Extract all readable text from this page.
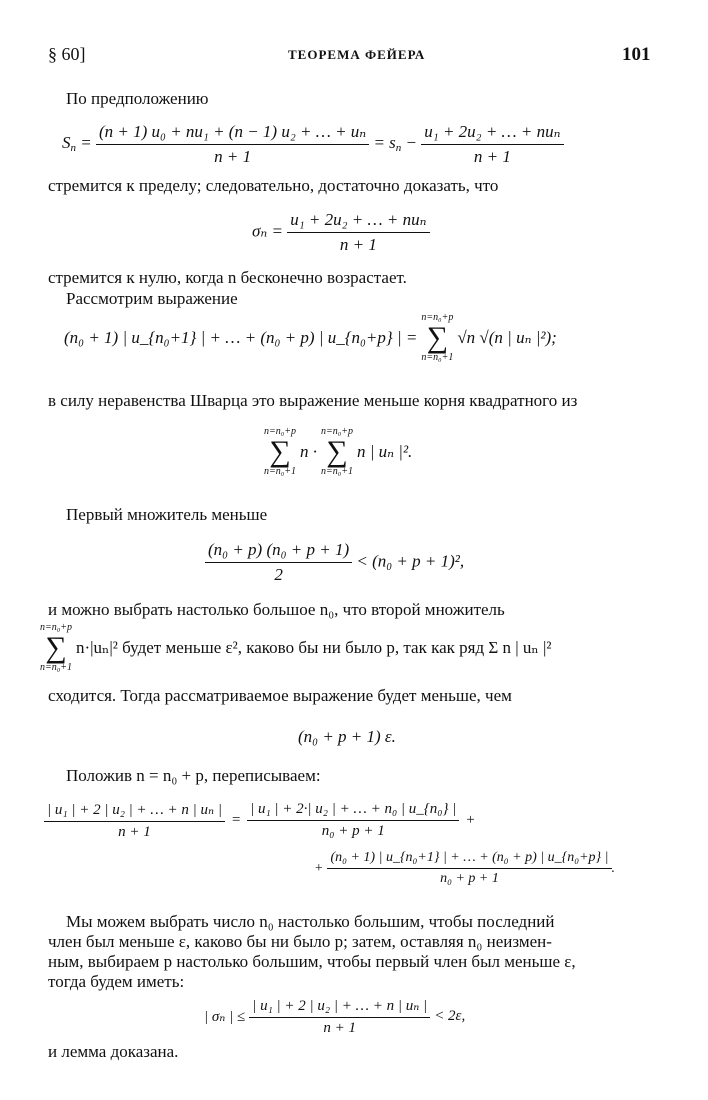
§ 60]	ТЕОРЕМА ФЕЙЕРА	101
По предположению
$S_n = \frac{\text{(n + 1) u₀ + nu₁ + (n − 1) u₂ + … + uₙ}}{n + 1} = s_n - \frac{\text{u₁ + 2u₂ + … + nuₙ}}{n + 1}$
стремится к пределу; следовательно, достаточно доказать, что
$\sigma_n = \frac{\text{u₁ + 2u₂ + … + nuₙ}}{n + 1}$
стремится к нулю, когда n бесконечно возрастает.
Рассмотрим выражение
(n₀ + 1) | u_{n₀+1} | + … + (n₀ + p) | u_{n₀+p} | =
n=n₀+p
∑
n=n₀+1
√n
√(n | uₙ |²) ;
в силу неравенства Шварца это выражение меньше корня квадратного из
n=n₀+p
∑
n=n₀+1
n ·
n=n₀+p
∑
n=n₀+1
n | uₙ |².
Первый множитель меньше
$\frac{\text{(n₀ + p) (n₀ + p + 1)}}{2} < (n_0 + p + 1)^2$,
и можно выбрать настолько большое n₀, что второй множитель
n=n₀+p
∑
n=n₀+1
n·|uₙ|² будет меньше ε², каково бы ни было p, так как ряд Σ n | uₙ |²
сходится. Тогда рассматриваемое выражение будет меньше, чем
(n₀ + p + 1) ε.
Положив n = n₀ + p, переписываем:
$\frac{\text{| u₁ | + 2 | u₂ | + … + n | uₙ |}}{n + 1} = \frac{\text{| u₁ | + 2·| u₂ | + … + n₀ | u\_\{n₀\} |}}{\text{n₀ + p + 1}}$ +
+ $\frac{\text{(n₀ + 1) | u\_\{n₀+1\} | + … + (n₀ + p) | u\_\{n₀+p\} |}}{\text{n₀ + p + 1}}$ .
Мы можем выбрать число n₀ настолько большим, чтобы последний
член был меньше ε, каково бы ни было p; затем, оставляя n₀ неизмен-
ным, выбираем p настолько большим, чтобы первый член был меньше ε,
тогда будем иметь:
| σₙ | ≤ $\frac{\text{| u₁ | + 2 | u₂ | + … + n | uₙ |}}{n + 1} < 2\varepsilon$,
и лемма доказана.
